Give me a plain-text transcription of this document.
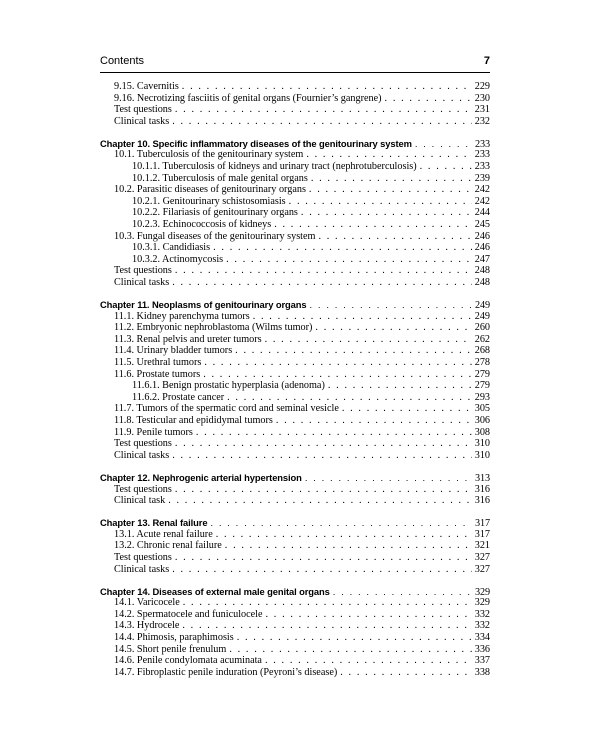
Contents	7
9.15. Cavernitis . . .	229
9.16. Necrotizing fasciitis of genital organs (Fournier’s gangrene) . . .	230
Test questions . . .	231
Clinical tasks . . .	232
Chapter 10. Specific inflammatory diseases of the genitourinary system . . .	233
10.1. Tuberculosis of the genitourinary system . . .	233
10.1.1. Tuberculosis of kidneys and urinary tract (nephrotuberculosis) . . .	233
10.1.2. Tuberculosis of male genital organs . . .	239
10.2. Parasitic diseases of genitourinary organs . . .	242
10.2.1. Genitourinary schistosomiasis . . .	242
10.2.2. Filariasis of genitourinary organs . . .	244
10.2.3. Echinococcosis of kidneys . . .	245
10.3. Fungal diseases of the genitourinary system . . .	246
10.3.1. Candidiasis . . .	246
10.3.2. Actinomycosis . . .	247
Test questions . . .	248
Clinical tasks . . .	248
Chapter 11. Neoplasms of genitourinary organs . . .	249
11.1. Kidney parenchyma tumors . . .	249
11.2. Embryonic nephroblastoma (Wilms tumor) . . .	260
11.3. Renal pelvis and ureter tumors . . .	262
11.4. Urinary bladder tumors . . .	268
11.5. Urethral tumors . . .	278
11.6. Prostate tumors . . .	279
11.6.1. Benign prostatic hyperplasia (adenoma) . . .	279
11.6.2. Prostate cancer . . .	293
11.7. Tumors of the spermatic cord and seminal vesicle . . .	305
11.8. Testicular and epididymal tumors . . .	306
11.9. Penile tumors . . .	308
Test questions . . .	310
Clinical tasks . . .	310
Chapter 12. Nephrogenic arterial hypertension . . .	313
Test questions . . .	316
Clinical task . . .	316
Chapter 13. Renal failure . . .	317
13.1. Acute renal failure . . .	317
13.2. Chronic renal failure . . .	321
Test questions . . .	327
Clinical tasks . . .	327
Chapter 14. Diseases of external male genital organs . . .	329
14.1. Varicocele . . .	329
14.2. Spermatocele and funiculocele . . .	332
14.3. Hydrocele . . .	332
14.4. Phimosis, paraphimosis . . .	334
14.5. Short penile frenulum . . .	336
14.6. Penile condylomata acuminata . . .	337
14.7. Fibroplastic penile induration (Peyroni’s disease) . . .	338
